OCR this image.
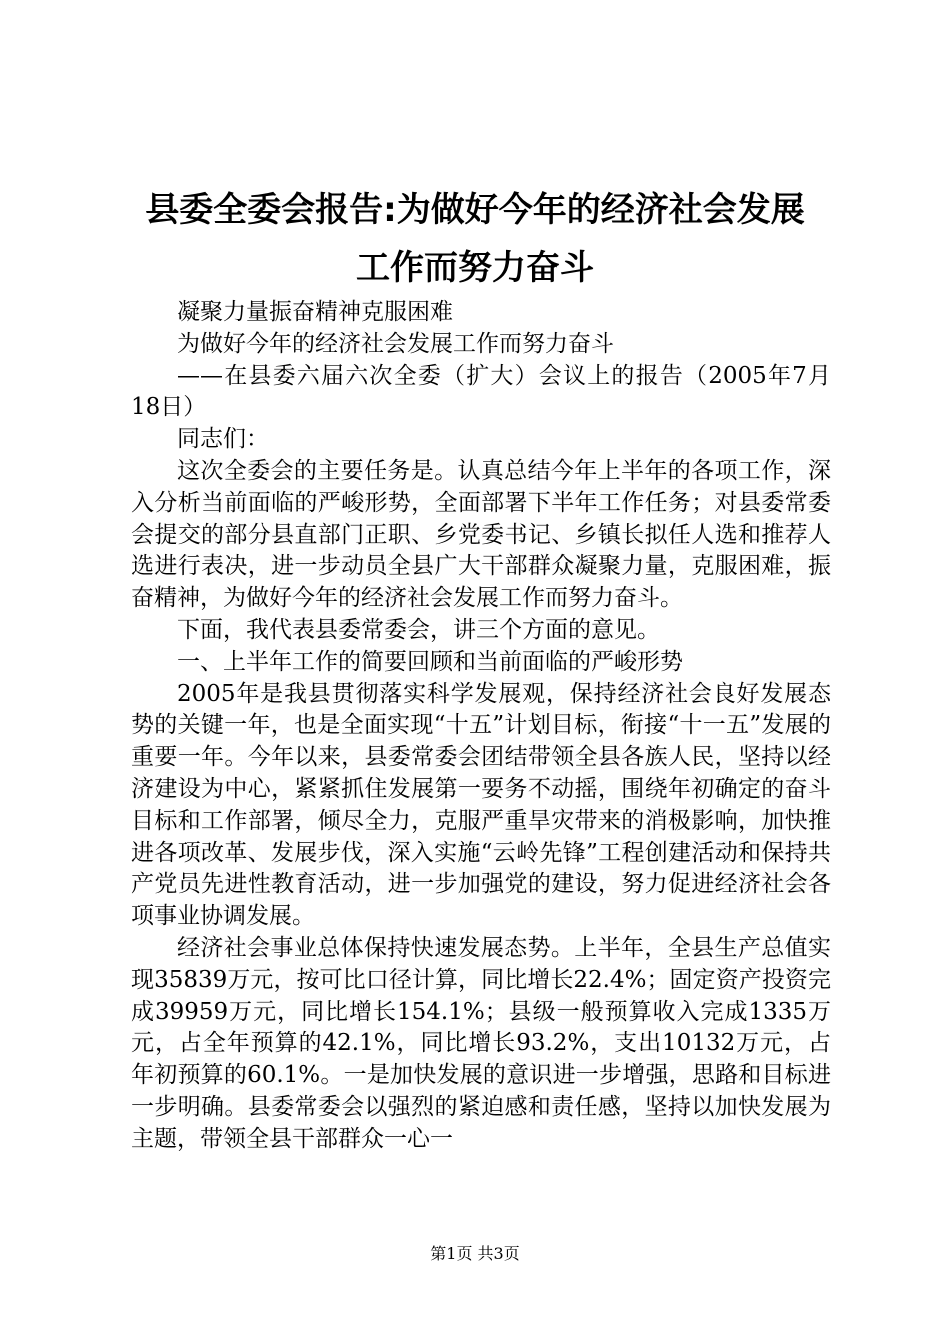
县委全委会报告:为做好今年的经济社会发展
工作而努力奋斗

凝聚力量振奋精神克服困难

为做好今年的经济社会发展工作而努力奋斗

——在县委六届六次全委（扩大）会议上的报告（2005年7月18日）

同志们：

这次全委会的主要任务是。认真总结今年上半年的各项工作，深入分析当前面临的严峻形势，全面部署下半年工作任务；对县委常委会提交的部分县直部门正职、乡党委书记、乡镇长拟任人选和推荐人选进行表决，进一步动员全县广大干部群众凝聚力量，克服困难，振奋精神，为做好今年的经济社会发展工作而努力奋斗。

下面，我代表县委常委会，讲三个方面的意见。

一、上半年工作的简要回顾和当前面临的严峻形势

2005年是我县贯彻落实科学发展观，保持经济社会良好发展态势的关键一年，也是全面实现“十五”计划目标，衔接“十一五”发展的重要一年。今年以来，县委常委会团结带领全县各族人民，坚持以经济建设为中心，紧紧抓住发展第一要务不动摇，围绕年初确定的奋斗目标和工作部署，倾尽全力，克服严重旱灾带来的消极影响，加快推进各项改革、发展步伐，深入实施“云岭先锋”工程创建活动和保持共产党员先进性教育活动，进一步加强党的建设，努力促进经济社会各项事业协调发展。

经济社会事业总体保持快速发展态势。上半年，全县生产总值实现35839万元，按可比口径计算，同比增长22.4%；固定资产投资完成39959万元，同比增长154.1%；县级一般预算收入完成1335万元，占全年预算的42.1%，同比增长93.2%，支出10132万元，占年初预算的60.1%。一是加快发展的意识进一步增强，思路和目标进一步明确。县委常委会以强烈的紧迫感和责任感，坚持以加快发展为主题，带领全县干部群众一心一

第1页 共3页
